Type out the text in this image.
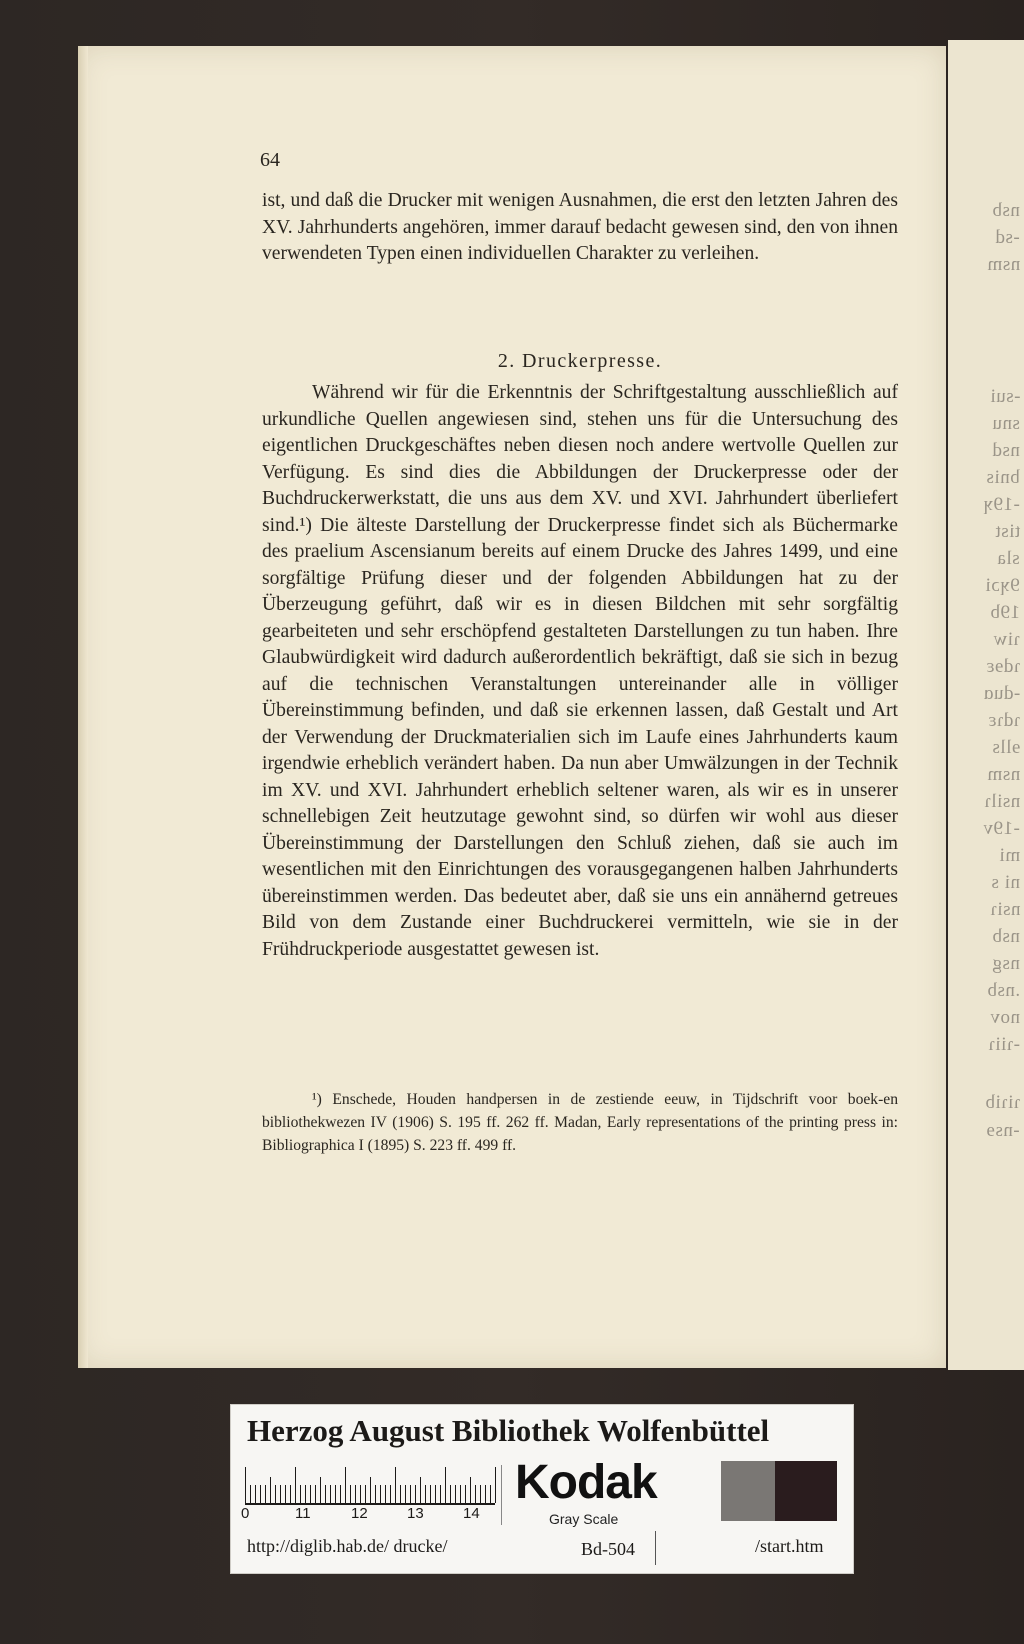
nsb
-sd
nsm
-sui
snu
nsd
bnis
-19ʞ
tist
sla
9ʞɔi
19b
ɿiw
ɿdɘɛ
-duɑ
ɿdɿɛ
ɘlls
nsm
nsilɿ
-19v
mi
ni s
nsiɿ
nsb
nsg
.nsb
nov
-ɿiiɿ
ɿiɿib
-nsɘ
64

ist, und daß die Drucker mit wenigen Ausnahmen, die erst den letzten Jahren des XV. Jahrhunderts angehören, immer darauf bedacht gewesen sind, den von ihnen verwendeten Typen einen individuellen Charakter zu verleihen.

2. Druckerpresse.

Während wir für die Erkenntnis der Schriftgestaltung ausschließlich auf urkundliche Quellen angewiesen sind, stehen uns für die Untersuchung des eigentlichen Druckgeschäftes neben diesen noch andere wertvolle Quellen zur Verfügung. Es sind dies die Abbildungen der Druckerpresse oder der Buchdruckerwerkstatt, die uns aus dem XV. und XVI. Jahrhundert überliefert sind.¹) Die älteste Darstellung der Druckerpresse findet sich als Büchermarke des praelium Ascensianum bereits auf einem Drucke des Jahres 1499, und eine sorgfältige Prüfung dieser und der folgenden Abbildungen hat zu der Überzeugung geführt, daß wir es in diesen Bildchen mit sehr sorgfältig gearbeiteten und sehr erschöpfend gestalteten Darstellungen zu tun haben. Ihre Glaubwürdigkeit wird dadurch außerordentlich bekräftigt, daß sie sich in bezug auf die technischen Veranstaltungen untereinander alle in völliger Übereinstimmung befinden, und daß sie erkennen lassen, daß Gestalt und Art der Verwendung der Druckmaterialien sich im Laufe eines Jahrhunderts kaum irgendwie erheblich verändert haben. Da nun aber Umwälzungen in der Technik im XV. und XVI. Jahrhundert erheblich seltener waren, als wir es in unserer schnellebigen Zeit heutzutage gewohnt sind, so dürfen wir wohl aus dieser Übereinstimmung der Darstellungen den Schluß ziehen, daß sie auch im wesentlichen mit den Einrichtungen des vorausgegangenen halben Jahrhunderts übereinstimmen werden. Das bedeutet aber, daß sie uns ein annähernd getreues Bild von dem Zustande einer Buchdruckerei vermitteln, wie sie in der Frühdruckperiode ausgestattet gewesen ist.

¹) Enschede, Houden handpersen in de zestiende eeuw, in Tijdschrift voor boek-en bibliothekwezen IV (1906) S. 195 ff. 262 ff. Madan, Early representations of the printing press in: Bibliographica I (1895) S. 223 ff. 499 ff.

Herzog August Bibliothek Wolfenbüttel
0	11	12	13	14
Kodak
Gray Scale
http://diglib.hab.de/ drucke/	Bd-504	/start.htm
